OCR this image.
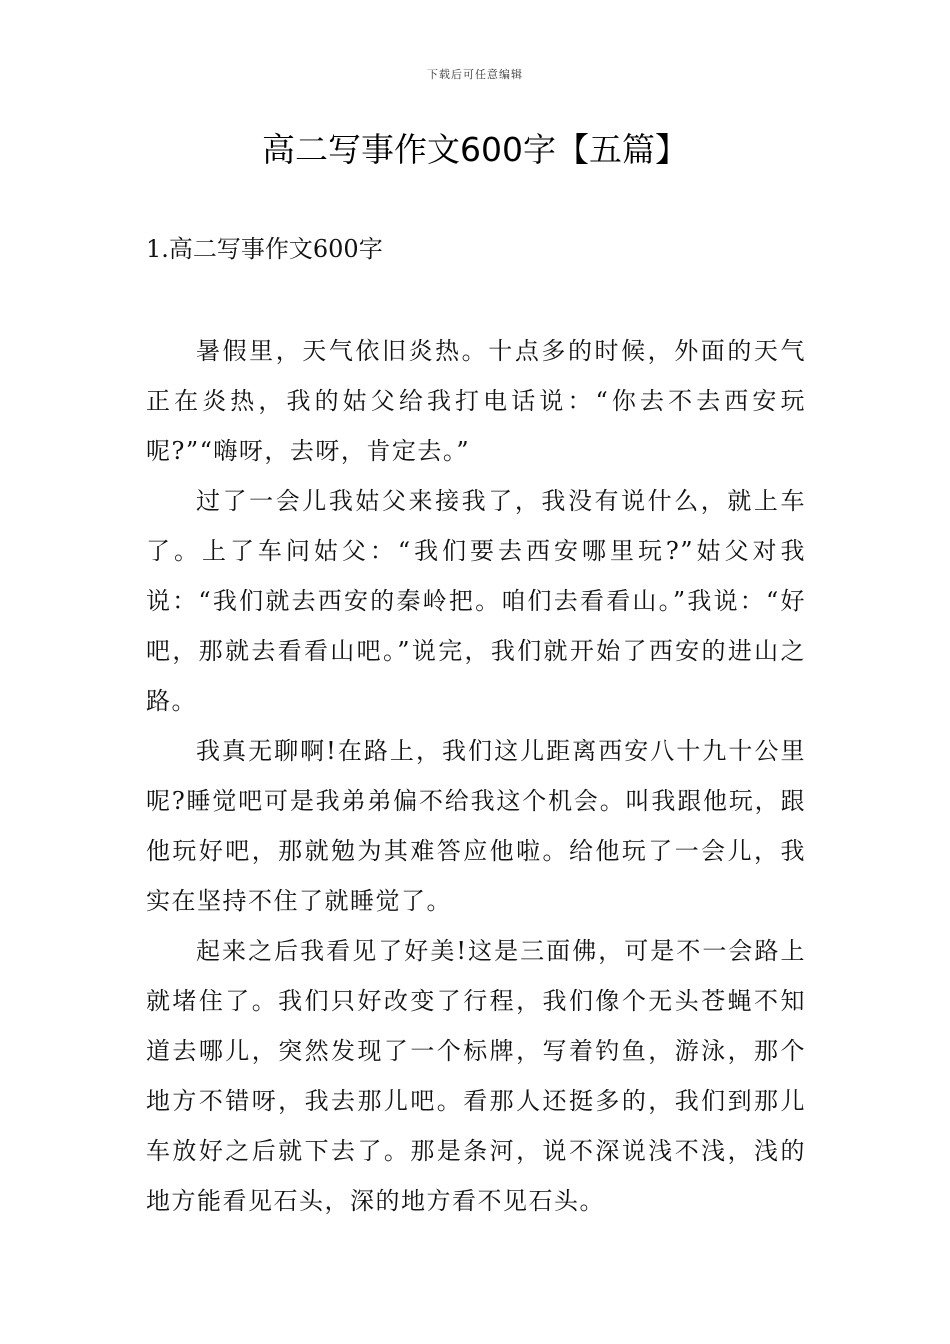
下载后可任意编辑
高二写事作文600字【五篇】
1.高二写事作文600字

暑假里，天气依旧炎热。十点多的时候，外面的天气正在炎热，我的姑父给我打电话说：“你去不去西安玩呢?”“嗨呀，去呀，肯定去。”

过了一会儿我姑父来接我了，我没有说什么，就上车了。上了车问姑父：“我们要去西安哪里玩?”姑父对我说：“我们就去西安的秦岭把。咱们去看看山。”我说：“好吧，那就去看看山吧。”说完，我们就开始了西安的进山之路。

我真无聊啊!在路上，我们这儿距离西安八十九十公里呢?睡觉吧可是我弟弟偏不给我这个机会。叫我跟他玩，跟他玩好吧，那就勉为其难答应他啦。给他玩了一会儿，我实在坚持不住了就睡觉了。

起来之后我看见了好美!这是三面佛，可是不一会路上就堵住了。我们只好改变了行程，我们像个无头苍蝇不知道去哪儿，突然发现了一个标牌，写着钓鱼，游泳，那个地方不错呀，我去那儿吧。看那人还挺多的，我们到那儿车放好之后就下去了。那是条河，说不深说浅不浅，浅的地方能看见石头，深的地方看不见石头。
